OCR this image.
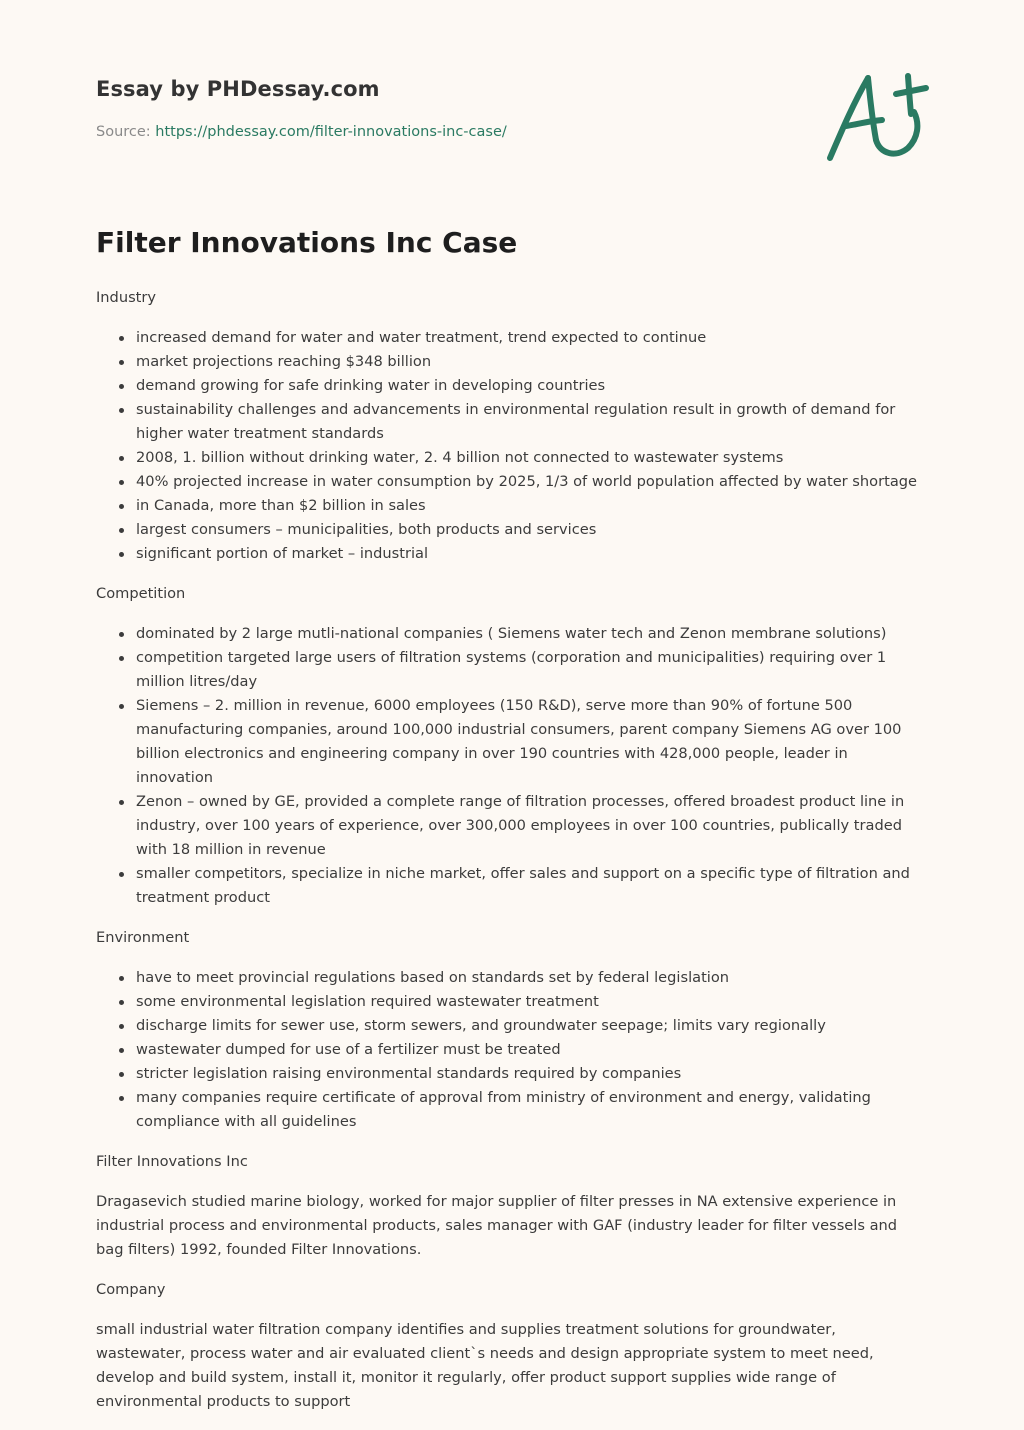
Essay by PHDessay.com
Source: https://phdessay.com/filter-innovations-inc-case/
Filter Innovations Inc Case

Industry

increased demand for water and water treatment, trend expected to continue
market projections reaching $348 billion
demand growing for safe drinking water in developing countries
sustainability challenges and advancements in environmental regulation result in growth of demand for higher water treatment standards
2008, 1. billion without drinking water, 2. 4 billion not connected to wastewater systems
40% projected increase in water consumption by 2025, 1/3 of world population affected by water shortage
in Canada, more than $2 billion in sales
largest consumers – municipalities, both products and services
significant portion of market – industrial

Competition

dominated by 2 large mutli-national companies ( Siemens water tech and Zenon membrane solutions)
competition targeted large users of filtration systems (corporation and municipalities) requiring over 1 million litres/day
Siemens – 2. million in revenue, 6000 employees (150 R&D), serve more than 90% of fortune 500 manufacturing companies, around 100,000 industrial consumers, parent company Siemens AG over 100 billion electronics and engineering company in over 190 countries with 428,000 people, leader in innovation
Zenon – owned by GE, provided a complete range of filtration processes, offered broadest product line in industry, over 100 years of experience, over 300,000 employees in over 100 countries, publically traded with 18 million in revenue
smaller competitors, specialize in niche market, offer sales and support on a specific type of filtration and treatment product

Environment

have to meet provincial regulations based on standards set by federal legislation
some environmental legislation required wastewater treatment
discharge limits for sewer use, storm sewers, and groundwater seepage; limits vary regionally
wastewater dumped for use of a fertilizer must be treated
stricter legislation raising environmental standards required by companies
many companies require certificate of approval from ministry of environment and energy, validating compliance with all guidelines

Filter Innovations Inc

Dragasevich studied marine biology, worked for major supplier of filter presses in NA extensive experience in industrial process and environmental products, sales manager with GAF (industry leader for filter vessels and bag filters) 1992, founded Filter Innovations.

Company

small industrial water filtration company identifies and supplies treatment solutions for groundwater, wastewater, process water and air evaluated client`s needs and design appropriate system to meet need, develop and build system, install it, monitor it regularly, offer product support supplies wide range of environmental products to support
